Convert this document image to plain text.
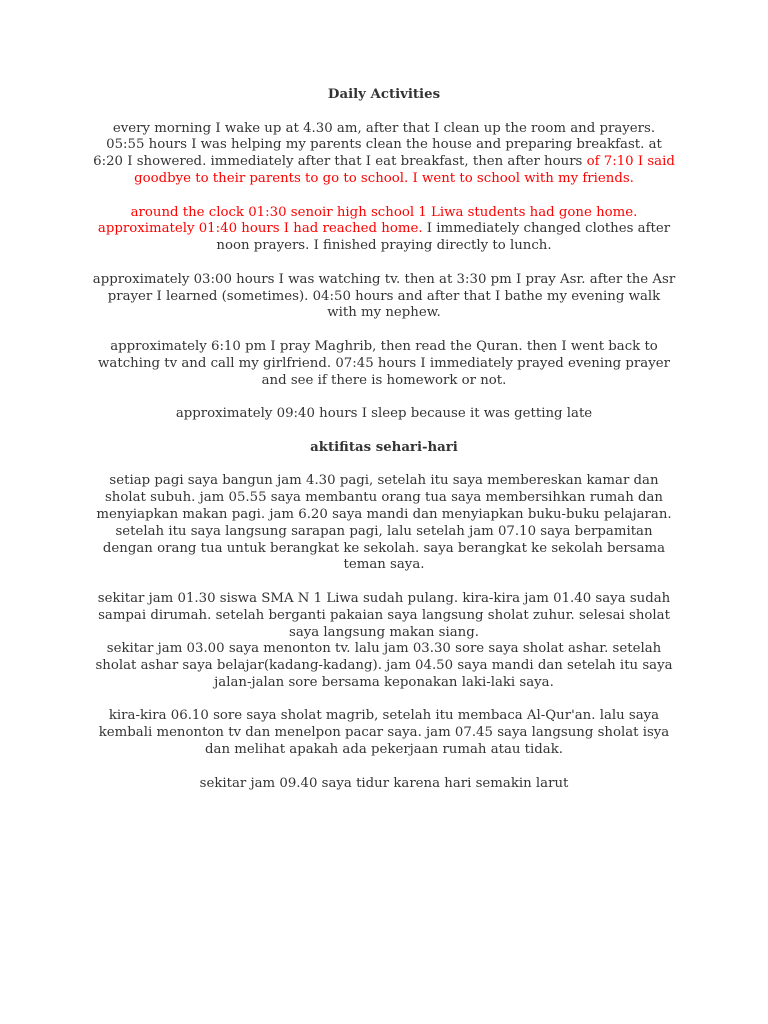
Daily Activities
every morning I wake up at 4.30 am, after that I clean up the room and prayers. 05:55 hours I was helping my parents clean the house and preparing breakfast. at 6:20 I showered. immediately after that I eat breakfast, then after hours of 7:10 I said goodbye to their parents to go to school. I went to school with my friends.
around the clock 01:30 senoir high school 1 Liwa students had gone home. approximately 01:40 hours I had reached home. I immediately changed clothes after noon prayers. I finished praying directly to lunch.
approximately 03:00 hours I was watching tv. then at 3:30 pm I pray Asr. after the Asr prayer I learned (sometimes). 04:50 hours and after that I bathe my evening walk with my nephew.
approximately 6:10 pm I pray Maghrib, then read the Quran. then I went back to watching tv and call my girlfriend. 07:45 hours I immediately prayed evening prayer and see if there is homework or not.
approximately 09:40 hours I sleep because it was getting late
aktifitas sehari-hari
setiap pagi saya bangun jam 4.30 pagi, setelah itu saya membereskan kamar dan sholat subuh. jam 05.55 saya membantu orang tua saya membersihkan rumah dan menyiapkan makan pagi. jam 6.20 saya mandi dan menyiapkan buku-buku pelajaran. setelah itu saya langsung sarapan pagi, lalu setelah jam 07.10 saya berpamitan dengan orang tua untuk berangkat ke sekolah. saya berangkat ke sekolah bersama teman saya.
sekitar jam 01.30 siswa SMA N 1 Liwa sudah pulang. kira-kira jam 01.40 saya sudah sampai dirumah. setelah berganti pakaian saya langsung sholat zuhur. selesai sholat saya langsung makan siang.
sekitar jam 03.00 saya menonton tv. lalu jam 03.30 sore saya sholat ashar. setelah sholat ashar saya belajar(kadang-kadang). jam 04.50 saya mandi dan setelah itu saya jalan-jalan sore bersama keponakan laki-laki saya.
kira-kira 06.10 sore saya sholat magrib, setelah itu membaca Al-Qur'an. lalu saya kembali menonton tv dan menelpon pacar saya. jam 07.45 saya langsung sholat isya dan melihat apakah ada pekerjaan rumah atau tidak.
sekitar jam 09.40 saya tidur karena hari semakin larut
